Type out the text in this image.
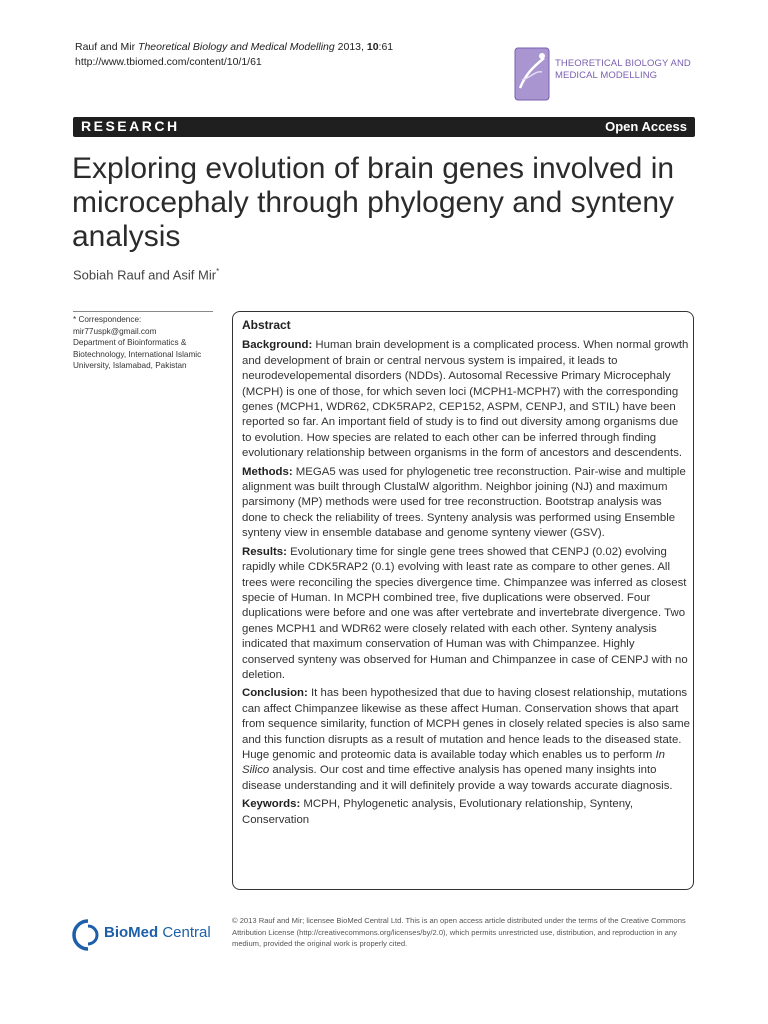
Rauf and Mir Theoretical Biology and Medical Modelling 2013, 10:61
http://www.tbiomed.com/content/10/1/61	THEORETICAL BIOLOGY AND
MEDICAL MODELLING
RESEARCH	Open Access
Exploring evolution of brain genes involved in microcephaly through phylogeny and synteny analysis
Sobiah Rauf and Asif Mir*
* Correspondence:
mir77uspk@gmail.com
Department of Bioinformatics & Biotechnology, International Islamic University, Islamabad, Pakistan
Abstract

Background: Human brain development is a complicated process. When normal growth and development of brain or central nervous system is impaired, it leads to neurodevelopemental disorders (NDDs). Autosomal Recessive Primary Microcephaly (MCPH) is one of those, for which seven loci (MCPH1-MCPH7) with the corresponding genes (MCPH1, WDR62, CDK5RAP2, CEP152, ASPM, CENPJ, and STIL) have been reported so far. An important field of study is to find out diversity among organisms due to evolution. How species are related to each other can be inferred through finding evolutionary relationship between organisms in the form of ancestors and descendents.

Methods: MEGA5 was used for phylogenetic tree reconstruction. Pair-wise and multiple alignment was built through ClustalW algorithm. Neighbor joining (NJ) and maximum parsimony (MP) methods were used for tree reconstruction. Bootstrap analysis was done to check the reliability of trees. Synteny analysis was performed using Ensemble synteny view in ensemble database and genome synteny viewer (GSV).

Results: Evolutionary time for single gene trees showed that CENPJ (0.02) evolving rapidly while CDK5RAP2 (0.1) evolving with least rate as compare to other genes. All trees were reconciling the species divergence time. Chimpanzee was inferred as closest specie of Human. In MCPH combined tree, five duplications were observed. Four duplications were before and one was after vertebrate and invertebrate divergence. Two genes MCPH1 and WDR62 were closely related with each other. Synteny analysis indicated that maximum conservation of Human was with Chimpanzee. Highly conserved synteny was observed for Human and Chimpanzee in case of CENPJ with no deletion.

Conclusion: It has been hypothesized that due to having closest relationship, mutations can affect Chimpanzee likewise as these affect Human. Conservation shows that apart from sequence similarity, function of MCPH genes in closely related species is also same and this function disrupts as a result of mutation and hence leads to the diseased state. Huge genomic and proteomic data is available today which enables us to perform In Silico analysis. Our cost and time effective analysis has opened many insights into disease understanding and it will definitely provide a way towards accurate diagnosis.

Keywords: MCPH, Phylogenetic analysis, Evolutionary relationship, Synteny, Conservation

BioMed Central
© 2013 Rauf and Mir; licensee BioMed Central Ltd. This is an open access article distributed under the terms of the Creative Commons Attribution License (http://creativecommons.org/licenses/by/2.0), which permits unrestricted use, distribution, and reproduction in any medium, provided the original work is properly cited.
